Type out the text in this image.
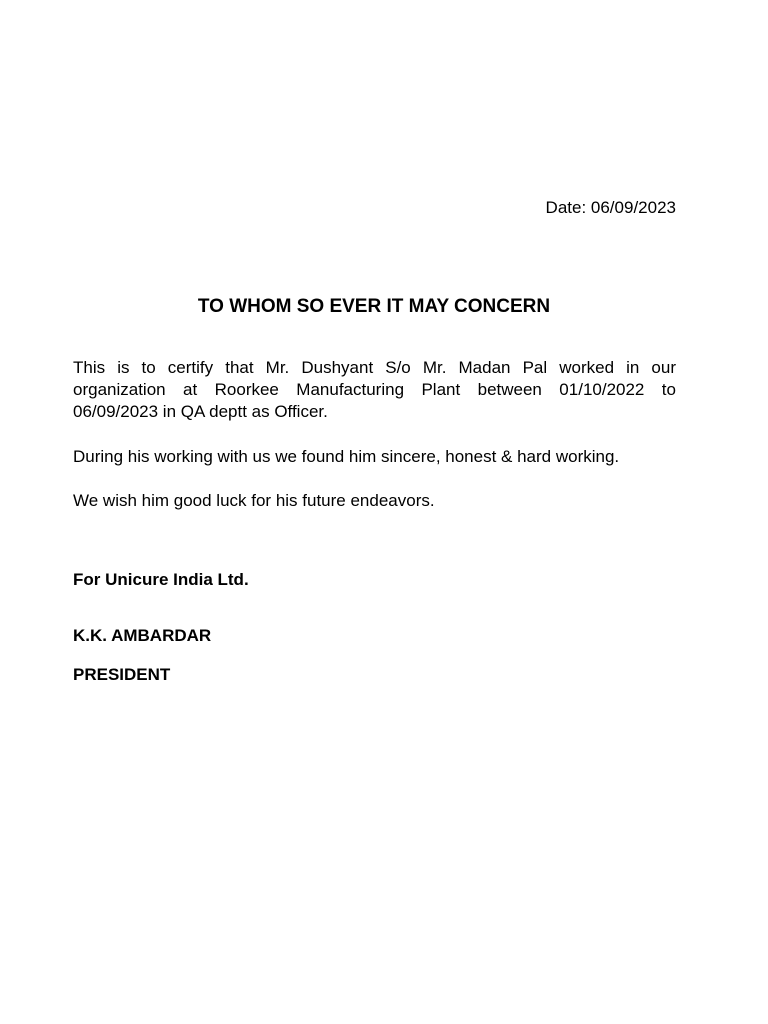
Date: 06/09/2023
TO WHOM SO EVER IT MAY CONCERN

This is to certify that Mr. Dushyant S/o Mr. Madan Pal worked in our organization at Roorkee Manufacturing Plant between 01/10/2022 to 06/09/2023 in QA deptt as Officer.

During his working with us we found him sincere, honest & hard working.

We wish him good luck for his future endeavors.

For Unicure India Ltd.
K.K. AMBARDAR
PRESIDENT
